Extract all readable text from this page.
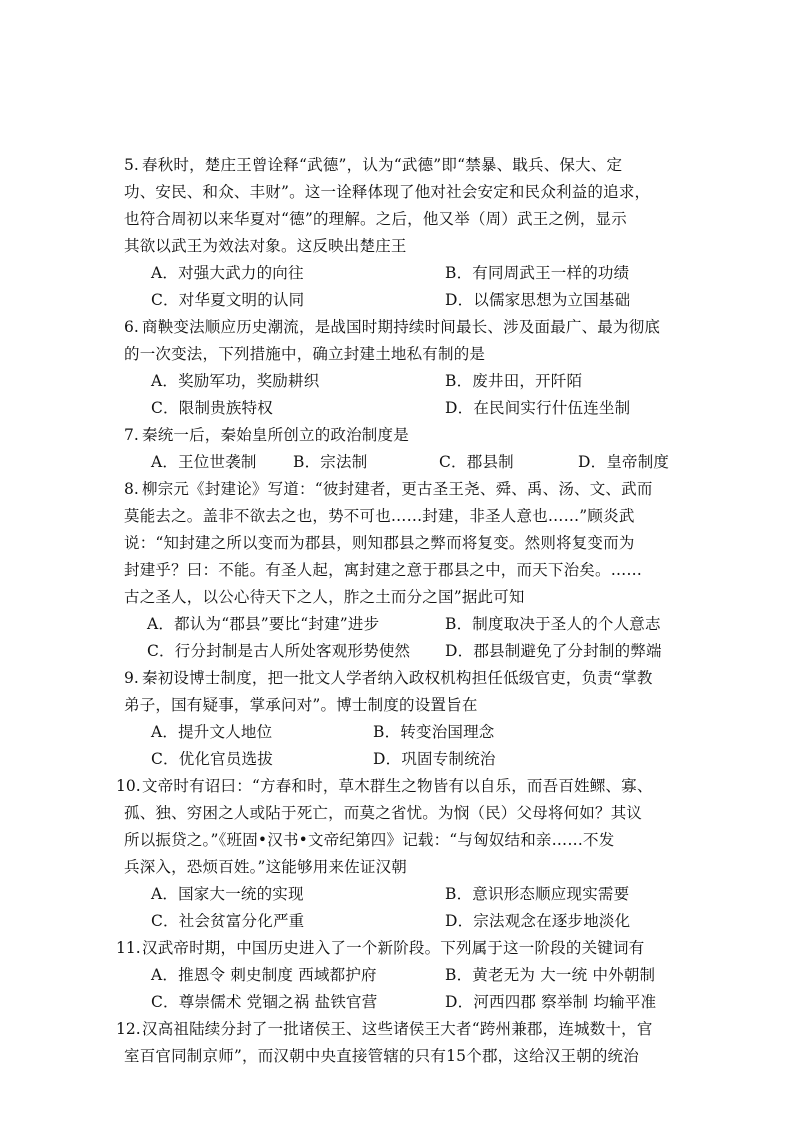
5. 春秋时，楚庄王曾诠释“武德”，认为“武德”即“禁暴、戢兵、保大、定
功、安民、和众、丰财”。这一诠释体现了他对社会安定和民众利益的追求，
也符合周初以来华夏对“德”的理解。之后，他又举（周）武王之例，显示
其欲以武王为效法对象。这反映出楚庄王
A．对强大武力的向往	B．有同周武王一样的功绩
C．对华夏文明的认同	D．以儒家思想为立国基础
6. 商鞅变法顺应历史潮流，是战国时期持续时间最长、涉及面最广、最为彻底
的一次变法，下列措施中，确立封建土地私有制的是
A．奖励军功，奖励耕织	B．废井田，开阡陌
C．限制贵族特权	D．在民间实行什伍连坐制
7. 秦统一后，秦始皇所创立的政治制度是
A．王位世袭制 B．宗法制	C．郡县制	D．皇帝制度
8. 柳宗元《封建论》写道：“彼封建者，更古圣王尧、舜、禹、汤、文、武而
莫能去之。盖非不欲去之也，势不可也……封建，非圣人意也……”顾炎武
说：“知封建之所以变而为郡县，则知郡县之弊而将复变。然则将复变而为
封建乎？曰：不能。有圣人起，寓封建之意于郡县之中，而天下治矣。……
古之圣人，以公心待天下之人，胙之土而分之国”据此可知
A．都认为“郡县”要比“封建”进步	B．制度取决于圣人的个人意志
C．行分封制是古人所处客观形势使然 D．郡县制避免了分封制的弊端
9. 秦初设博士制度，把一批文人学者纳入政权机构担任低级官吏，负责“掌教
弟子，国有疑事，掌承问对”。博士制度的设置旨在
A．提升文人地位	B．转变治国理念
C．优化官员选拔	D．巩固专制统治
10. 文帝时有诏曰：“方春和时，草木群生之物皆有以自乐，而吾百姓鳏、寡、
孤、独、穷困之人或阽于死亡，而莫之省忧。为悯（民）父母将何如？其议
所以振贷之。”《班固•汉书•文帝纪第四》记载：“与匈奴结和亲……不发
兵深入，恐烦百姓。”这能够用来佐证汉朝
A．国家大一统的实现	B．意识形态顺应现实需要
C．社会贫富分化严重	D．宗法观念在逐步地淡化
11. 汉武帝时期，中国历史进入了一个新阶段。下列属于这一阶段的关键词有
A．推恩令 刺史制度 西域都护府	B．黄老无为 大一统 中外朝制
C．尊崇儒术 党锢之祸 盐铁官营	D．河西四郡 察举制 均输平准
12. 汉高祖陆续分封了一批诸侯王、这些诸侯王大者“跨州兼郡，连城数十，官
室百官同制京师”，而汉朝中央直接管辖的只有15个郡，这给汉王朝的统治
